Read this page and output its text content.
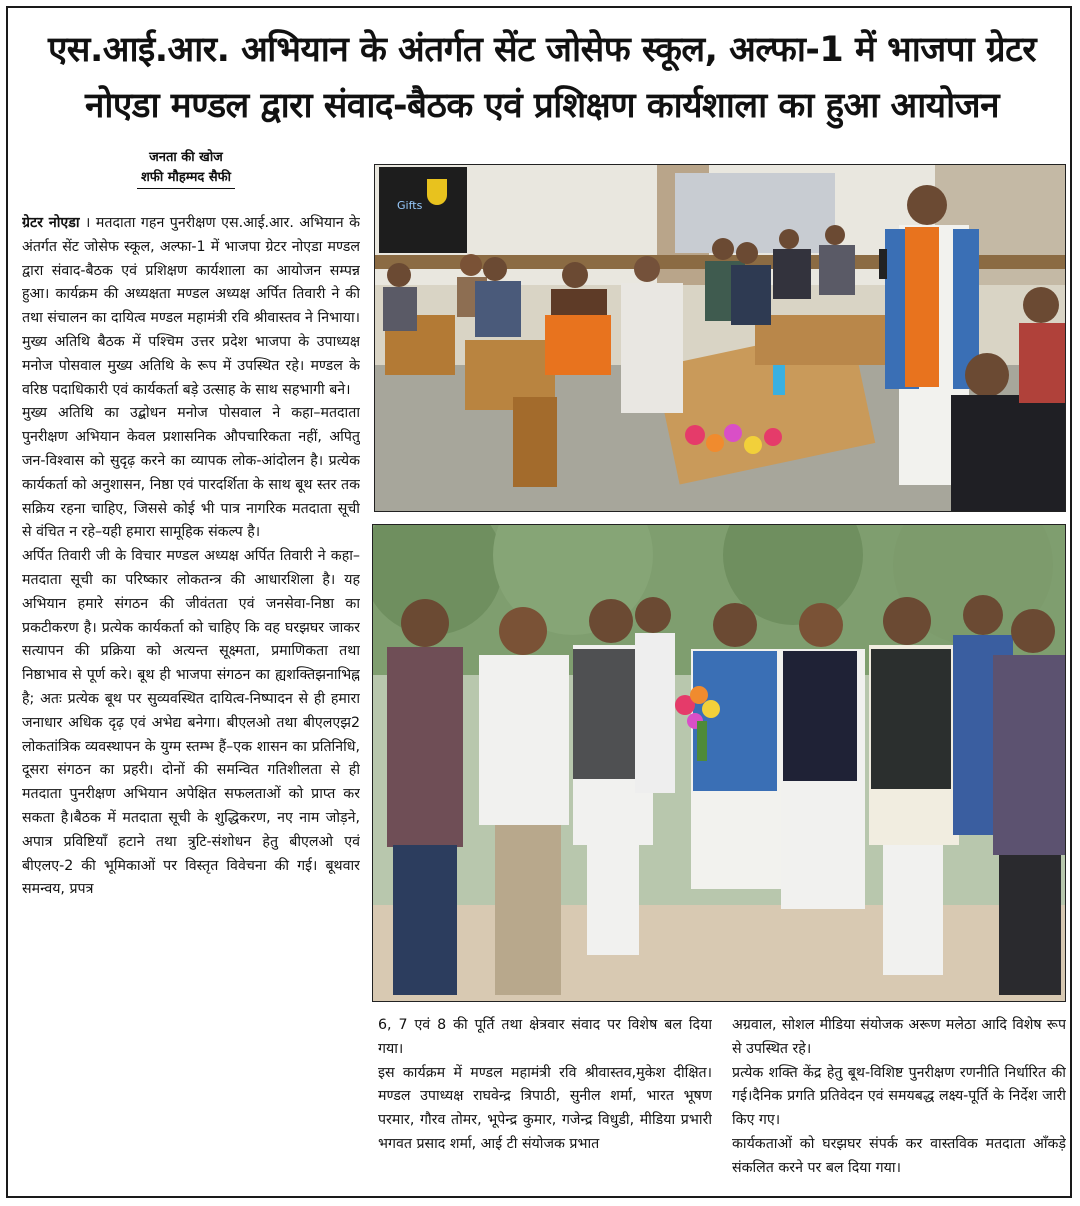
एस.आई.आर. अभियान के अंतर्गत सेंट जोसेफ स्कूल, अल्फा-1 में भाजपा ग्रेटर
नोएडा मण्डल द्वारा संवाद-बैठक एवं प्रशिक्षण कार्यशाला का हुआ आयोजन
जनता की खोज
शफी मौहम्मद सैफी

ग्रेटर नोएडा । मतदाता गहन पुनरीक्षण एस.आई.आर. अभियान के अंतर्गत सेंट जोसेफ स्कूल, अल्फा-1 में भाजपा ग्रेटर नोएडा मण्डल द्वारा संवाद-बैठक एवं प्रशिक्षण कार्यशाला का आयोजन सम्पन्न हुआ। कार्यक्रम की अध्यक्षता मण्डल अध्यक्ष अर्पित तिवारी ने की तथा संचालन का दायित्व मण्डल महामंत्री रवि श्रीवास्तव ने निभाया।मुख्य अतिथि बैठक में पश्चिम उत्तर प्रदेश भाजपा के उपाध्यक्ष मनोज पोसवाल मुख्य अतिथि के रूप में उपस्थित रहे। मण्डल के वरिष्ठ पदाधिकारी एवं कार्यकर्ता बड़े उत्साह के साथ सहभागी बने।

मुख्य अतिथि का उद्बोधन मनोज पोसवाल ने कहा–मतदाता पुनरीक्षण अभियान केवल प्रशासनिक औपचारिकता नहीं, अपितु जन-विश्वास को सुदृढ़ करने का व्यापक लोक-आंदोलन है। प्रत्येक कार्यकर्ता को अनुशासन, निष्ठा एवं पारदर्शिता के साथ बूथ स्तर तक सक्रिय रहना चाहिए, जिससे कोई भी पात्र नागरिक मतदाता सूची से वंचित न रहे–यही हमारा सामूहिक संकल्प है।

अर्पित तिवारी जी के विचार मण्डल अध्यक्ष अर्पित तिवारी ने कहा–मतदाता सूची का परिष्कार लोकतन्त्र की आधारशिला है। यह अभियान हमारे संगठन की जीवंतता एवं जनसेवा-निष्ठा का प्रकटीकरण है। प्रत्येक कार्यकर्ता को चाहिए कि वह घरझघर जाकर सत्यापन की प्रक्रिया को अत्यन्त सूक्ष्मता, प्रमाणिकता तथा निष्ठाभाव से पूर्ण करे। बूथ ही भाजपा संगठन का ह्यशक्तिझनाभिह्न है; अतः प्रत्येक बूथ पर सुव्यवस्थित दायित्व-निष्पादन से ही हमारा जनाधार अधिक दृढ़ एवं अभेद्य बनेगा। बीएलओ तथा बीएलएझ2 लोकतांत्रिक व्यवस्थापन के युग्म स्तम्भ हैं–एक शासन का प्रतिनिधि, दूसरा संगठन का प्रहरी। दोनों की समन्वित गतिशीलता से ही मतदाता पुनरीक्षण अभियान अपेक्षित सफलताओं को प्राप्त कर सकता है।बैठक में मतदाता सूची के शुद्धिकरण, नए नाम जोड़ने, अपात्र प्रविष्टियाँ हटाने तथा त्रुटि-संशोधन हेतु बीएलओ एवं बीएलए-2 की भूमिकाओं पर विस्तृत विवेचना की गई। बूथवार समन्वय, प्रपत्र

Gifts

6, 7 एवं 8 की पूर्ति तथा क्षेत्रवार संवाद पर विशेष बल दिया गया।

इस कार्यक्रम में मण्डल महामंत्री रवि श्रीवास्तव,मुकेश दीक्षित। मण्डल उपाध्यक्ष राघवेन्द्र त्रिपाठी, सुनील शर्मा, भारत भूषण परमार, गौरव तोमर, भूपेन्द्र कुमार, गजेन्द्र विधुडी, मीडिया प्रभारी भगवत प्रसाद शर्मा, आई टी संयोजक प्रभात

अग्रवाल, सोशल मीडिया संयोजक अरूण मलेठा आदि विशेष रूप से उपस्थित रहे।

प्रत्येक शक्ति केंद्र हेतु बूथ-विशिष्ट पुनरीक्षण रणनीति निर्धारित की गई।दैनिक प्रगति प्रतिवेदन एवं समयबद्ध लक्ष्य-पूर्ति के निर्देश जारी किए गए।

कार्यकताओं को घरझघर संपर्क कर वास्तविक मतदाता आँकड़े संकलित करने पर बल दिया गया।
